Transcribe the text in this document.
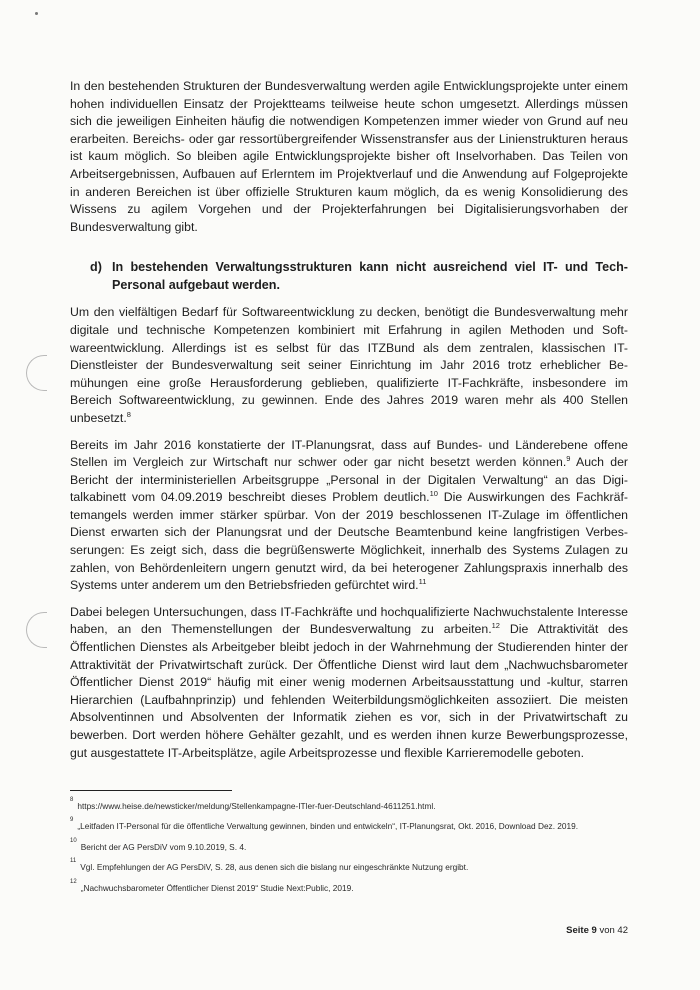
In den bestehenden Strukturen der Bundesverwaltung werden agile Entwicklungsprojekte unter einem hohen individuellen Einsatz der Projektteams teilweise heute schon umgesetzt. Allerdings müssen sich die jeweiligen Einheiten häufig die notwendigen Kompetenzen immer wieder von Grund auf neu erarbeiten. Bereichs- oder gar ressortübergreifender Wissenstransfer aus der Linienstrukturen heraus ist kaum möglich. So bleiben agile Entwicklungsprojekte bisher oft Inselvorhaben. Das Teilen von Arbeitsergebnissen, Aufbauen auf Erlerntem im Projektverlauf und die Anwendung auf Folgeprojekte in anderen Bereichen ist über offizielle Strukturen kaum möglich, da es wenig Konsolidierung des Wissens zu agilem Vorgehen und der Projekterfahrungen bei Digitalisierungsvorhaben der Bundesverwaltung gibt.

d) In bestehenden Verwaltungsstrukturen kann nicht ausreichend viel IT- und Tech-Personal aufgebaut werden.

Um den vielfältigen Bedarf für Softwareentwicklung zu decken, benötigt die Bundesverwaltung mehr digitale und technische Kompetenzen kombiniert mit Erfahrung in agilen Methoden und Softwareentwicklung. Allerdings ist es selbst für das ITZBund als dem zentralen, klassischen IT-Dienstleister der Bundesverwaltung seit seiner Einrichtung im Jahr 2016 trotz erheblicher Bemühungen eine große Herausforderung geblieben, qualifizierte IT-Fachkräfte, insbesondere im Bereich Softwareentwicklung, zu gewinnen. Ende des Jahres 2019 waren mehr als 400 Stellen unbesetzt.$^8$

Bereits im Jahr 2016 konstatierte der IT-Planungsrat, dass auf Bundes- und Länderebene offene Stellen im Vergleich zur Wirtschaft nur schwer oder gar nicht besetzt werden können.$^9$ Auch der Bericht der interministeriellen Arbeitsgruppe „Personal in der Digitalen Verwaltung“ an das Digitalkabinett vom 04.09.2019 beschreibt dieses Problem deutlich.$^{10}$ Die Auswirkungen des Fachkräftemangels werden immer stärker spürbar. Von der 2019 beschlossenen IT-Zulage im öffentlichen Dienst erwarten sich der Planungsrat und der Deutsche Beamtenbund keine langfristigen Verbesserungen: Es zeigt sich, dass die begrüßenswerte Möglichkeit, innerhalb des Systems Zulagen zu zahlen, von Behördenleitern ungern genutzt wird, da bei heterogener Zahlungspraxis innerhalb des Systems unter anderem um den Betriebsfrieden gefürchtet wird.$^{11}$

Dabei belegen Untersuchungen, dass IT-Fachkräfte und hochqualifizierte Nachwuchstalente Interesse haben, an den Themenstellungen der Bundesverwaltung zu arbeiten.$^{12}$ Die Attraktivität des Öffentlichen Dienstes als Arbeitgeber bleibt jedoch in der Wahrnehmung der Studierenden hinter der Attraktivität der Privatwirtschaft zurück. Der Öffentliche Dienst wird laut dem „Nachwuchsbarometer Öffentlicher Dienst 2019“ häufig mit einer wenig modernen Arbeitsausstattung und -kultur, starren Hierarchien (Laufbahnprinzip) und fehlenden Weiterbildungsmöglichkeiten assoziiert. Die meisten Absolventinnen und Absolventen der Informatik ziehen es vor, sich in der Privatwirtschaft zu bewerben. Dort werden höhere Gehälter gezahlt, und es werden ihnen kurze Bewerbungsprozesse, gut ausgestattete IT-Arbeitsplätze, agile Arbeitsprozesse und flexible Karrieremodelle geboten.

8
https://www.heise.de/newsticker/meldung/Stellenkampagne-ITler-fuer-Deutschland-4611251.html.
9
„Leitfaden IT-Personal für die öffentliche Verwaltung gewinnen, binden und entwickeln“, IT-Planungsrat, Okt. 2016, Download Dez. 2019.
10
Bericht der AG PersDiV vom 9.10.2019, S. 4.
11
Vgl. Empfehlungen der AG PersDiV, S. 28, aus denen sich die bislang nur eingeschränkte Nutzung ergibt.
12
„Nachwuchsbarometer Öffentlicher Dienst 2019“ Studie Next:Public, 2019.
Seite 9 von 42
